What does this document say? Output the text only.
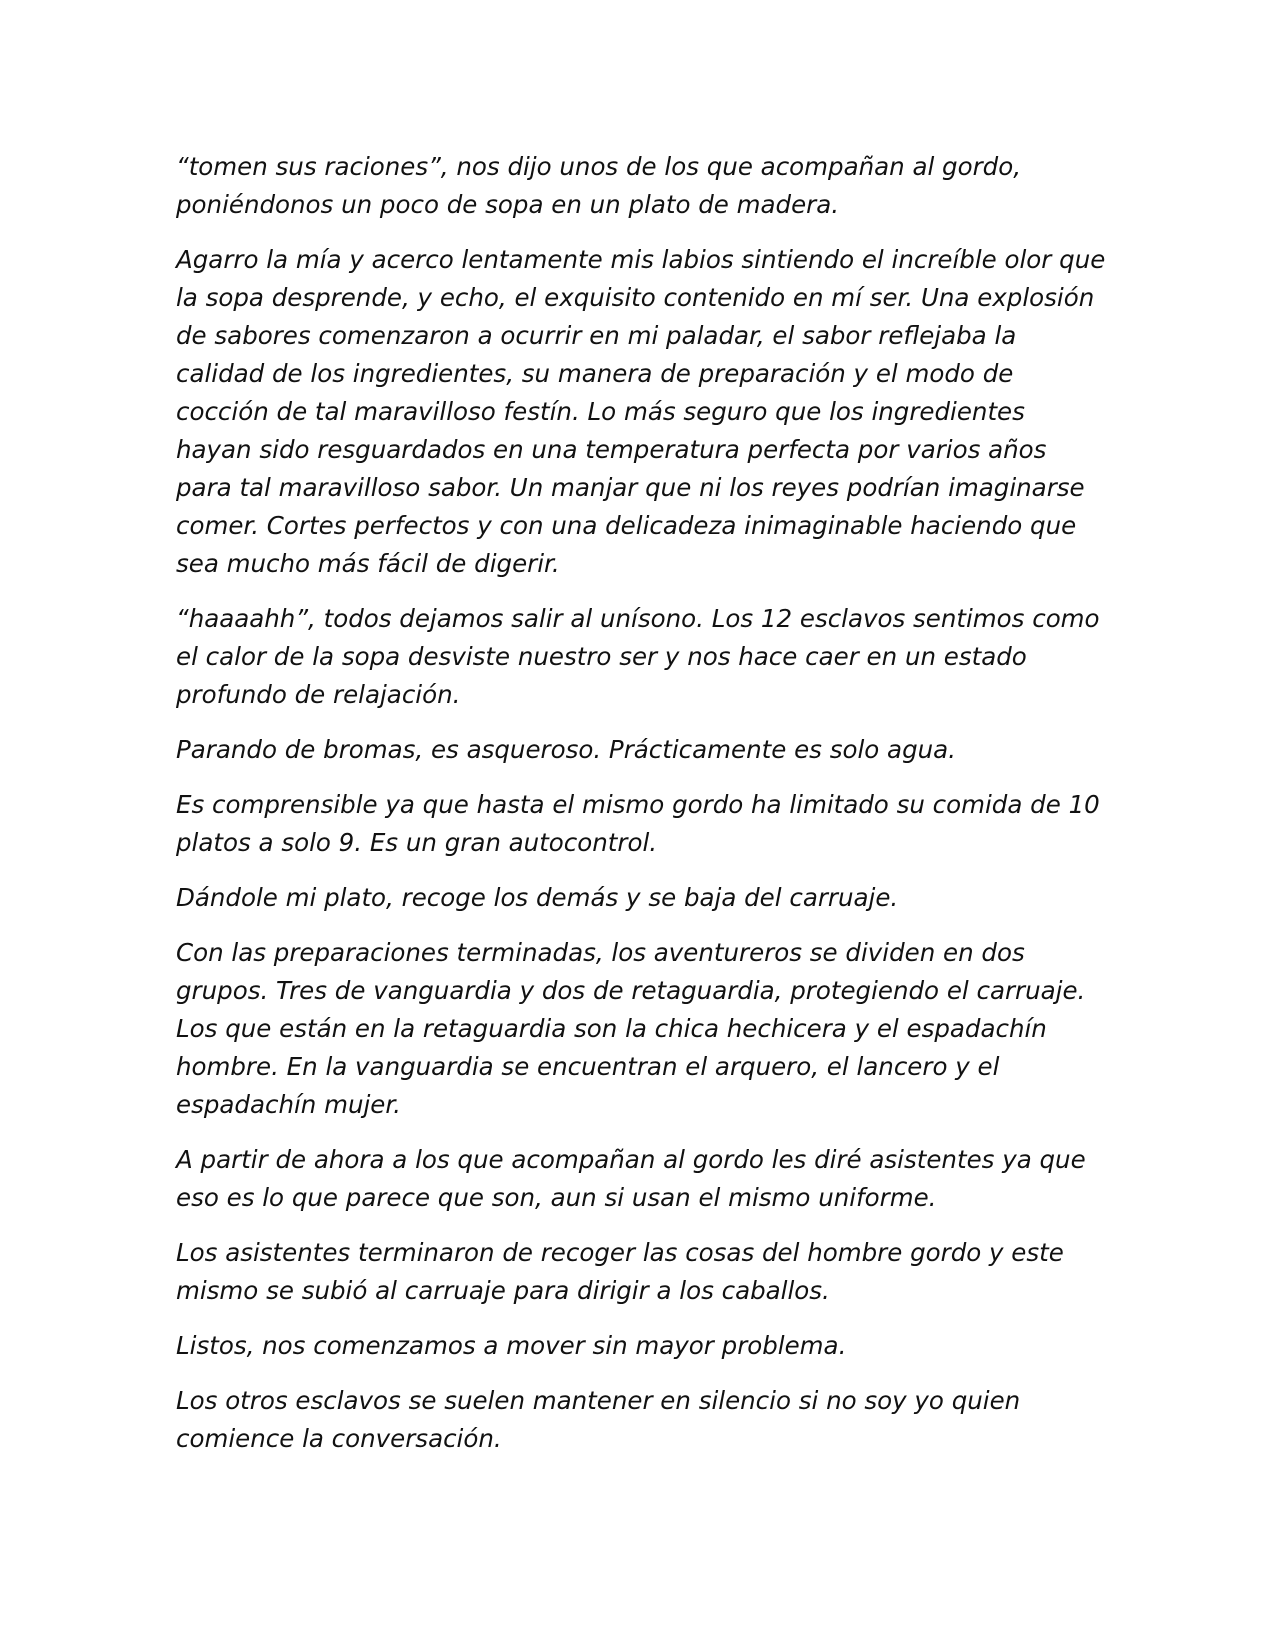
“tomen sus raciones”, nos dijo unos de los que acompañan al gordo, poniéndonos un poco de sopa en un plato de madera.

Agarro la mía y acerco lentamente mis labios sintiendo el increíble olor que la sopa desprende, y echo, el exquisito contenido en mí ser. Una explosión de sabores comenzaron a ocurrir en mi paladar, el sabor reflejaba la calidad de los ingredientes, su manera de preparación y el modo de cocción de tal maravilloso festín. Lo más seguro que los ingredientes hayan sido resguardados en una temperatura perfecta por varios años para tal maravilloso sabor. Un manjar que ni los reyes podrían imaginarse comer. Cortes perfectos y con una delicadeza inimaginable haciendo que sea mucho más fácil de digerir.

“haaaahh”, todos dejamos salir al unísono. Los 12 esclavos sentimos como el calor de la sopa desviste nuestro ser y nos hace caer en un estado profundo de relajación.

Parando de bromas, es asqueroso. Prácticamente es solo agua.

Es comprensible ya que hasta el mismo gordo ha limitado su comida de 10 platos a solo 9. Es un gran autocontrol.

Dándole mi plato, recoge los demás y se baja del carruaje.

Con las preparaciones terminadas, los aventureros se dividen en dos grupos. Tres de vanguardia y dos de retaguardia, protegiendo el carruaje. Los que están en la retaguardia son la chica hechicera y el espadachín hombre. En la vanguardia se encuentran el arquero, el lancero y el espadachín mujer.

A partir de ahora a los que acompañan al gordo les diré asistentes ya que eso es lo que parece que son, aun si usan el mismo uniforme.

Los asistentes terminaron de recoger las cosas del hombre gordo y este mismo se subió al carruaje para dirigir a los caballos.

Listos, nos comenzamos a mover sin mayor problema.

Los otros esclavos se suelen mantener en silencio si no soy yo quien comience la conversación.
